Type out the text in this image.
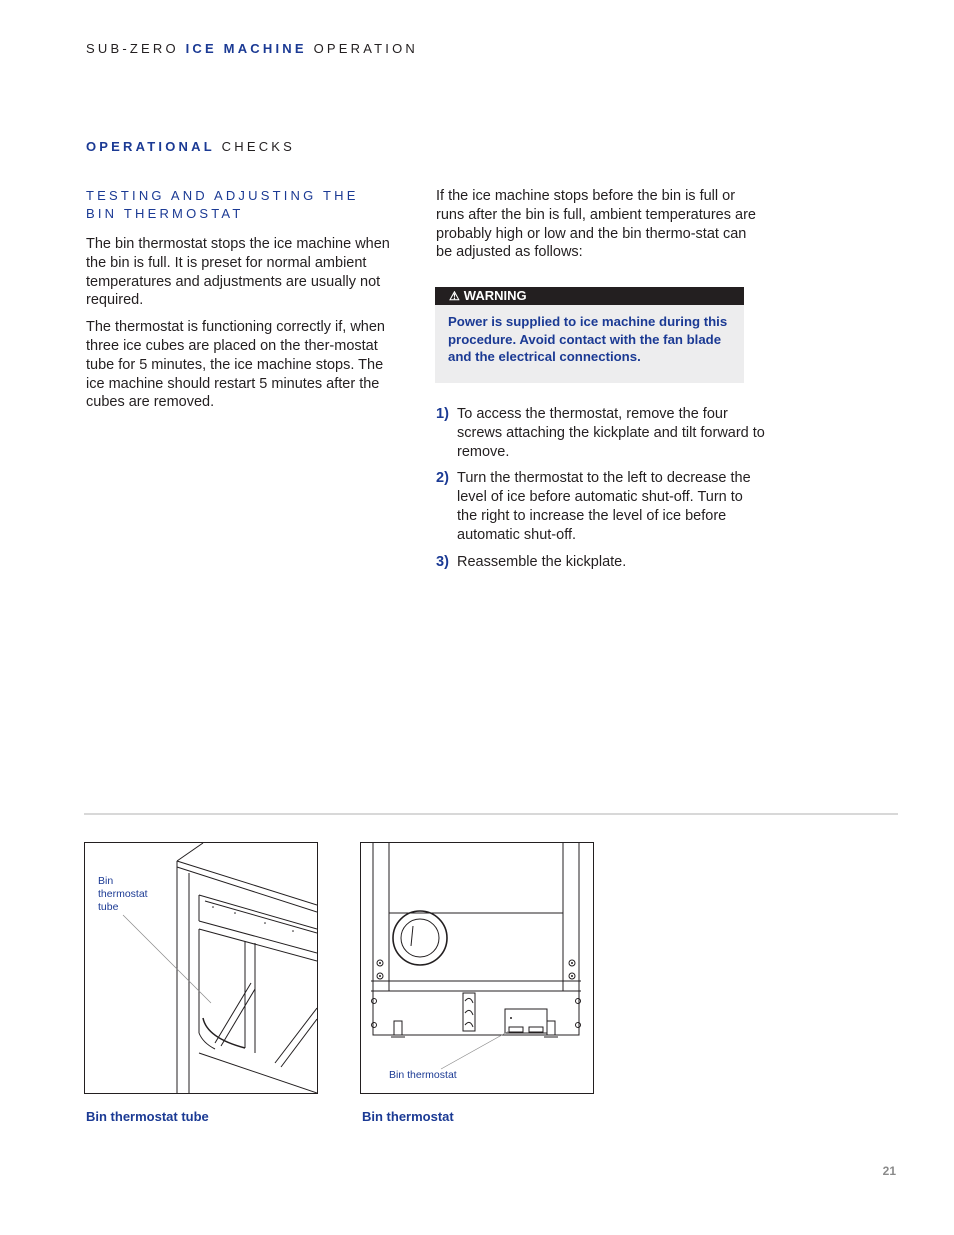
SUB-ZERO ICE MACHINE OPERATION
OPERATIONAL CHECKS
TESTING AND ADJUSTING THE
BIN THERMOSTAT

The bin thermostat stops the ice machine when the bin is full. It is preset for normal ambient temperatures and adjustments are usually not required.

The thermostat is functioning correctly if, when three ice cubes are placed on the ther-mostat tube for 5 minutes, the ice machine stops. The ice machine should restart 5 minutes after the cubes are removed.

If the ice machine stops before the bin is full or runs after the bin is full, ambient temperatures are probably high or low and the bin thermo-stat can be adjusted as follows:

⚠ WARNING
Power is supplied to ice machine during this procedure. Avoid contact with the fan blade and the electrical connections.
1) To access the thermostat, remove the four screws attaching the kickplate and tilt forward to remove.
2) Turn the thermostat to the left to decrease the level of ice before automatic shut-off. Turn to the right to increase the level of ice before automatic shut-off.
3) Reassemble the kickplate.
Bin
thermostat
tube
Bin thermostat
Bin thermostat tube	Bin thermostat
21
